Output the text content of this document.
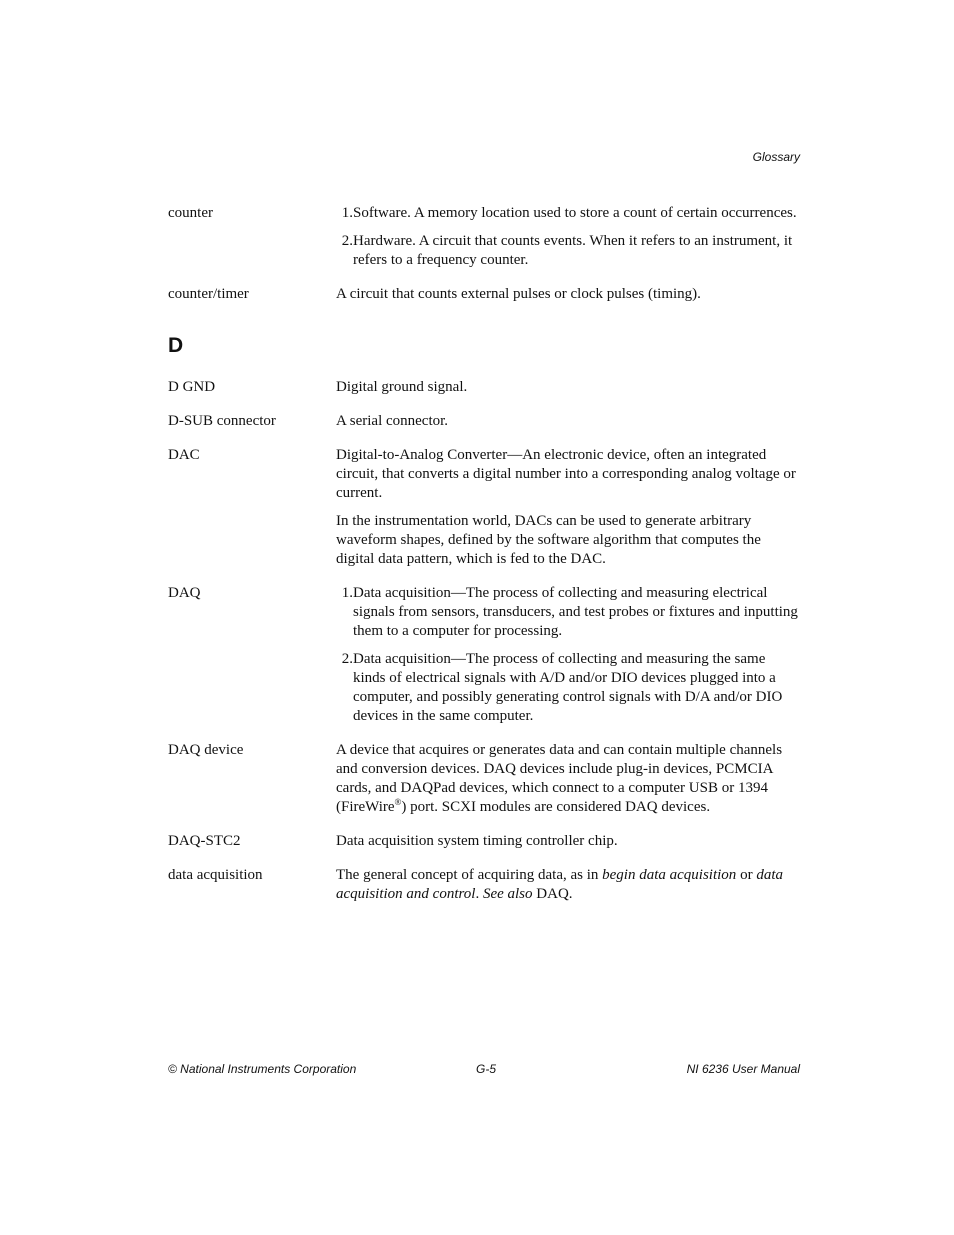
Glossary
counter	1. Software. A memory location used to store a count of certain occurrences.
2. Hardware. A circuit that counts events. When it refers to an instrument, it refers to a frequency counter.
counter/timer	A circuit that counts external pulses or clock pulses (timing).

D
D GND	Digital ground signal.

D-SUB connector	A serial connector.

DAC	Digital-to-Analog Converter—An electronic device, often an integrated circuit, that converts a digital number into a corresponding analog voltage or current.

In the instrumentation world, DACs can be used to generate arbitrary waveform shapes, defined by the software algorithm that computes the digital data pattern, which is fed to the DAC.

DAQ	1. Data acquisition—The process of collecting and measuring electrical signals from sensors, transducers, and test probes or fixtures and inputting them to a computer for processing.
2. Data acquisition—The process of collecting and measuring the same kinds of electrical signals with A/D and/or DIO devices plugged into a computer, and possibly generating control signals with D/A and/or DIO devices in the same computer.
DAQ device	A device that acquires or generates data and can contain multiple channels and conversion devices. DAQ devices include plug-in devices, PCMCIA cards, and DAQPad devices, which connect to a computer USB or 1394 (FireWire®) port. SCXI modules are considered DAQ devices.

DAQ-STC2	Data acquisition system timing controller chip.

data acquisition	The general concept of acquiring data, as in begin data acquisition or data acquisition and control. See also DAQ.

© National Instruments Corporation	G-5	NI 6236 User Manual
